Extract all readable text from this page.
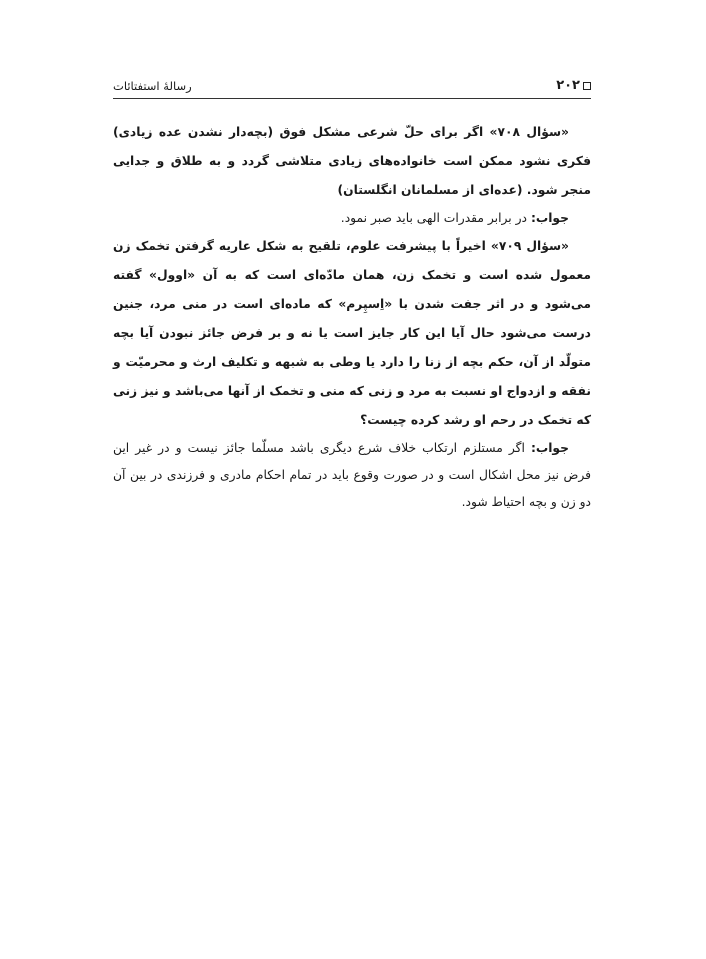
۲۰۲
رسالۀ استفتائات

«سؤال ۷۰۸» اگر برای حلّ شرعی مشکل فوق (بچه‌دار نشدن عده زیادی) فکری نشود ممکن است خانواده‌های زیادی متلاشی گردد و به طلاق و جدایی منجر شود. (عده‌ای از مسلمانان انگلستان)

جواب: در برابر مقدرات الهی باید صبر نمود.

«سؤال ۷۰۹» اخیراً با پیشرفت علوم، تلقیح به شکل عاریه گرفتن تخمک زن معمول شده است و تخمک زن، همان مادّه‌ای است که به آن «اوول» گفته می‌شود و در اثر جفت شدن با «اِسپِرم» که ماده‌ای است در منی مرد، جنین درست می‌شود حال آیا این کار جایز است یا نه و بر فرض جائز نبودن آیا بچه متولّد از آن، حکم بچه از زنا را دارد یا وطی به شبهه و تکلیف ارث و محرمیّت و نفقه و ازدواج او نسبت به مرد و زنی که منی و تخمک از آنها می‌باشد و نیز زنی که تخمک در رحم او رشد کرده چیست؟

جواب: اگر مستلزم ارتکاب خلاف شرع دیگری باشد مسلّما جائز نیست و در غیر این فرض نیز محل اشکال است و در صورت وقوع باید در تمام احکام مادری و فرزندی در بین آن دو زن و بچه احتیاط شود.
